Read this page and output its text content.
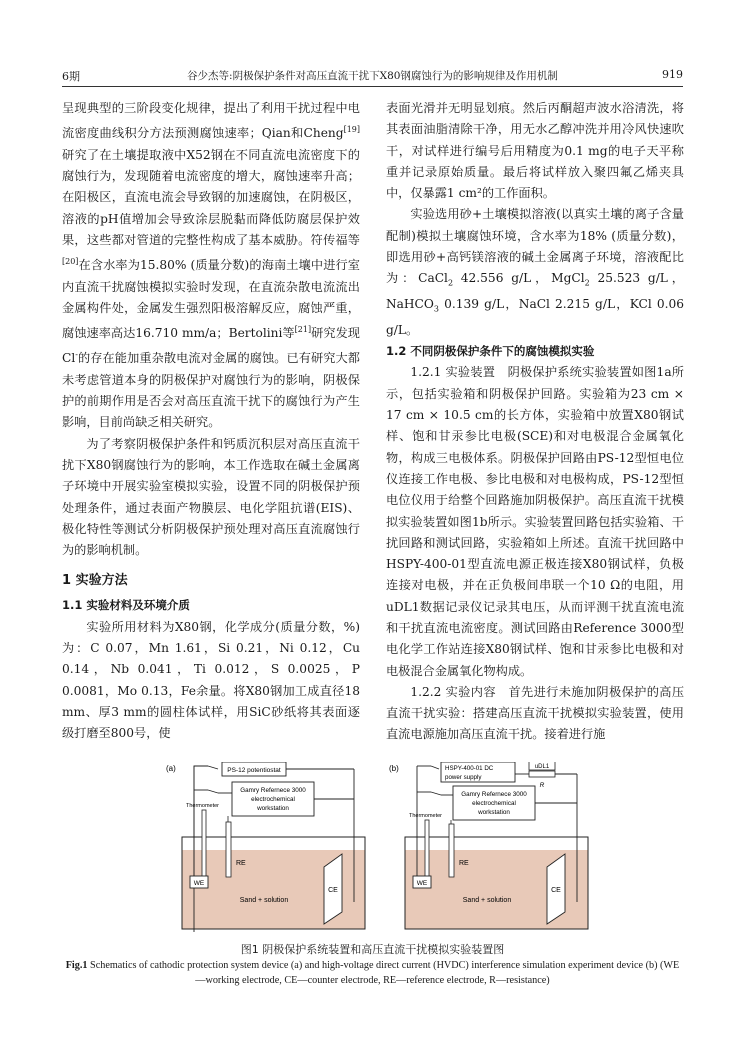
6期	谷少杰等:阴极保护条件对高压直流干扰下X80钢腐蚀行为的影响规律及作用机制	919

呈现典型的三阶段变化规律，提出了利用干扰过程中电流密度曲线积分方法预测腐蚀速率；Qian和Cheng[19]研究了在土壤提取液中X52钢在不同直流电流密度下的腐蚀行为，发现随着电流密度的增大，腐蚀速率升高；在阳极区，直流电流会导致钢的加速腐蚀，在阴极区，溶液的pH值增加会导致涂层脱黏而降低防腐层保护效果，这些都对管道的完整性构成了基本威胁。符传福等[20]在含水率为15.80% (质量分数)的海南土壤中进行室内直流干扰腐蚀模拟实验时发现，在直流杂散电流流出金属构件处，金属发生强烈阳极溶解反应，腐蚀严重，腐蚀速率高达16.710 mm/a；Bertolini等[21]研究发现Cl-的存在能加重杂散电流对金属的腐蚀。已有研究大都未考虑管道本身的阴极保护对腐蚀行为的影响，阴极保护的前期作用是否会对高压直流干扰下的腐蚀行为产生影响，目前尚缺乏相关研究。

为了考察阴极保护条件和钙质沉积层对高压直流干扰下X80钢腐蚀行为的影响，本工作选取在碱土金属离子环境中开展实验室模拟实验，设置不同的阴极保护预处理条件，通过表面产物膜层、电化学阻抗谱(EIS)、极化特性等测试分析阴极保护预处理对高压直流腐蚀行为的影响机制。

1 实验方法
1.1 实验材料及环境介质

实验所用材料为X80钢，化学成分(质量分数，%)为：C 0.07，Mn 1.61，Si 0.21，Ni 0.12，Cu 0.14，Nb 0.041，Ti 0.012，S 0.0025，P 0.0081，Mo 0.13，Fe余量。将X80钢加工成直径18 mm、厚3 mm的圆柱体试样，用SiC砂纸将其表面逐级打磨至800号，使

表面光滑并无明显划痕。然后丙酮超声波水浴清洗，将其表面油脂清除干净，用无水乙醇冲洗并用冷风快速吹干，对试样进行编号后用精度为0.1 mg的电子天平称重并记录原始质量。最后将试样放入聚四氟乙烯夹具中，仅暴露1 cm²的工作面积。

实验选用砂+土壤模拟溶液(以真实土壤的离子含量配制)模拟土壤腐蚀环境，含水率为18% (质量分数)，即选用砂+高钙镁溶液的碱土金属离子环境，溶液配比为：CaCl$_2$ 42.556 g/L，MgCl$_2$ 25.523 g/L，NaHCO$_3$ 0.139 g/L，NaCl 2.215 g/L，KCl 0.06 g/L。

1.2 不同阴极保护条件下的腐蚀模拟实验

1.2.1 实验装置  阴极保护系统实验装置如图1a所示，包括实验箱和阴极保护回路。实验箱为23 cm × 17 cm × 10.5 cm的长方体，实验箱中放置X80钢试样、饱和甘汞参比电极(SCE)和对电极混合金属氧化物，构成三电极体系。阴极保护回路由PS-12型恒电位仪连接工作电极、参比电极和对电极构成，PS-12型恒电位仪用于给整个回路施加阴极保护。高压直流干扰模拟实验装置如图1b所示。实验装置回路包括实验箱、干扰回路和测试回路，实验箱如上所述。直流干扰回路中HSPY-400-01型直流电源正极连接X80钢试样，负极连接对电极，并在正负极间串联一个10 Ω的电阻，用uDL1数据记录仪记录其电压，从而评测干扰直流电流和干扰直流电流密度。测试回路由Reference 3000型电化学工作站连接X80钢试样、饱和甘汞参比电极和对电极混合金属氧化物构成。

1.2.2 实验内容  首先进行未施加阴极保护的高压直流干扰实验：搭建高压直流干扰模拟实验装置，使用直流电源施加高压直流干扰。接着进行施

(a)	PS-12 potentiostat
Gamry Refernece 3000
electrochemical
workstation
Thermometer
RE
WE
CE
Sand + solution
(b)	HSPY-400-01 DC
power supply
uDL1
R
Gamry Refernece 3000
electrochemical
workstation
Thermometer
RE
WE
CE
Sand + solution
图1 阴极保护系统装置和高压直流干扰模拟实验装置图
Fig.1 Schematics of cathodic protection system device (a) and high-voltage direct current (HVDC) interference simulation experiment device (b) (WE—working electrode, CE—counter electrode, RE—reference electrode, R—resistance)
